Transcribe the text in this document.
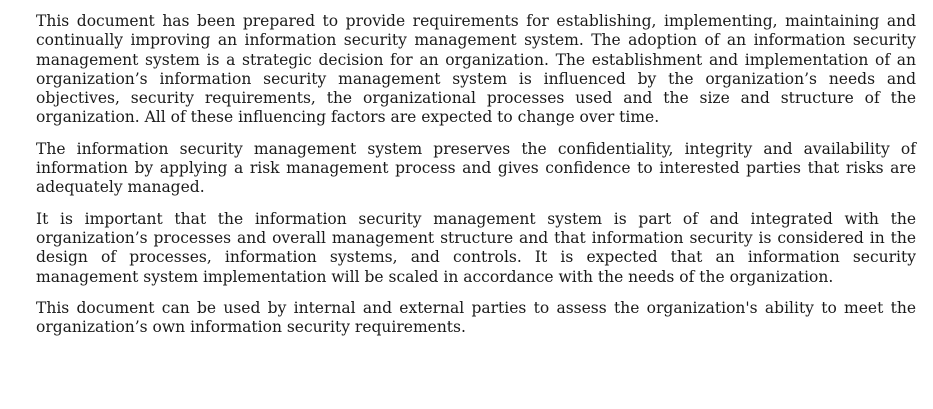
This document has been prepared to provide requirements for establishing, implementing, maintaining and continually improving an information security management system. The adoption of an information security management system is a strategic decision for an organization. The establishment and implementation of an organization’s information security management system is influenced by the organization’s needs and objectives, security requirements, the organizational processes used and the size and structure of the organization. All of these influencing factors are expected to change over time.

The information security management system preserves the confidentiality, integrity and availability of information by applying a risk management process and gives confidence to interested parties that risks are adequately managed.

It is important that the information security management system is part of and integrated with the organization’s processes and overall management structure and that information security is considered in the design of processes, information systems, and controls. It is expected that an information security management system implementation will be scaled in accordance with the needs of the organization.

This document can be used by internal and external parties to assess the organization's ability to meet the organization’s own information security requirements.
